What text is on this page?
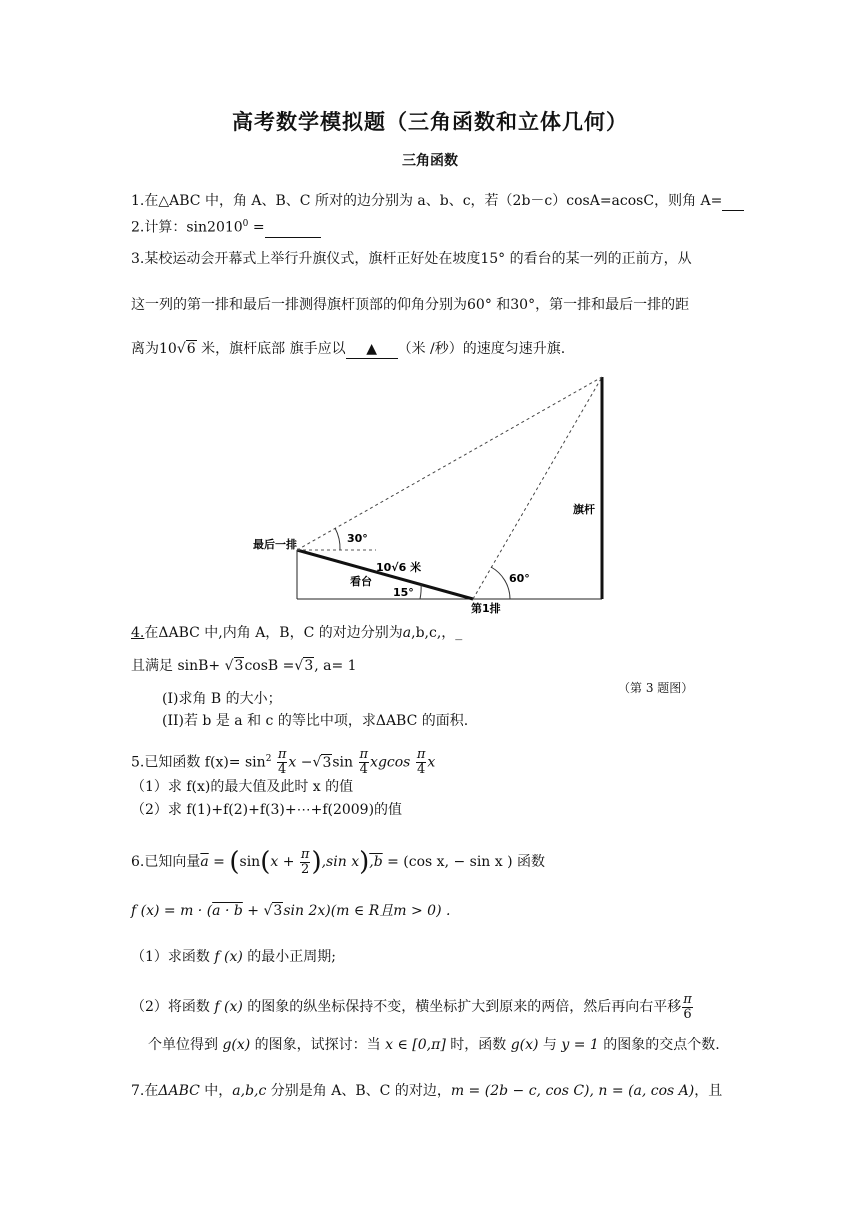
高考数学模拟题（三角函数和立体几何）
三角函数
1.在△ABC 中，角 A、B、C 所对的边分别为 a、b、c，若（2b－c）cosA=acosC，则角 A=
2.计算：$\sin 2010^0$ =
3.某校运动会开幕式上举行升旗仪式，旗杆正好处在坡度15° 的看台的某一列的正前方，从
这一列的第一排和最后一排测得旗杆顶部的仰角分别为60° 和30°，第一排和最后一排的距
离为10√6 米，旗杆底部 旗手应以 ▲ （米 /秒）的速度匀速升旗.
最后一排	30°
10√6 米
看台
15°
60°
第1排
旗杆
4.在ΔABC 中,内角 A，B，C 的对边分别为a,b,c,，_
且满足 sinB+ √3cosB =√3, a= 1
（第 3 题图）
(I)求角 B 的大小；
(II)若 b 是 a 和 c 的等比中项，求ΔABC 的面积.
5.已知函数 $f(x)= \sin^2 \frac{\pi}{4}$ $x -√3\sin \frac{\pi}{4}$ xgcos $\frac{\pi}{4}$ x
（1）求 f(x)的最大值及此时 x 的值
（2）求 f(1)+f(2)+f(3)+⋯+f(2009)的值
6.已知向量$\overline{a} = (\sin(x + \frac{\pi}{2} ),\sin$ x),b = (cos x, − sin x ) 函数
f (x) = m · (a · b + √3sin 2x)(m ∈ R且m > 0) .
（1）求函数 f (x) 的最小正周期;
（2）将函数 f (x) 的图象的纵坐标保持不变，横坐标扩大到原来的两倍，然后再向右平移 $\frac{\pi}{6}$
个单位得到 g(x) 的图象，试探讨：当 x ∈ [0,π] 时，函数 g(x) 与 y = 1 的图象的交点个数.
7.在ΔABC 中，a,b,c 分别是角 A、B、C 的对边，m = (2b − c, cos C), n = (a, cos A)，且
